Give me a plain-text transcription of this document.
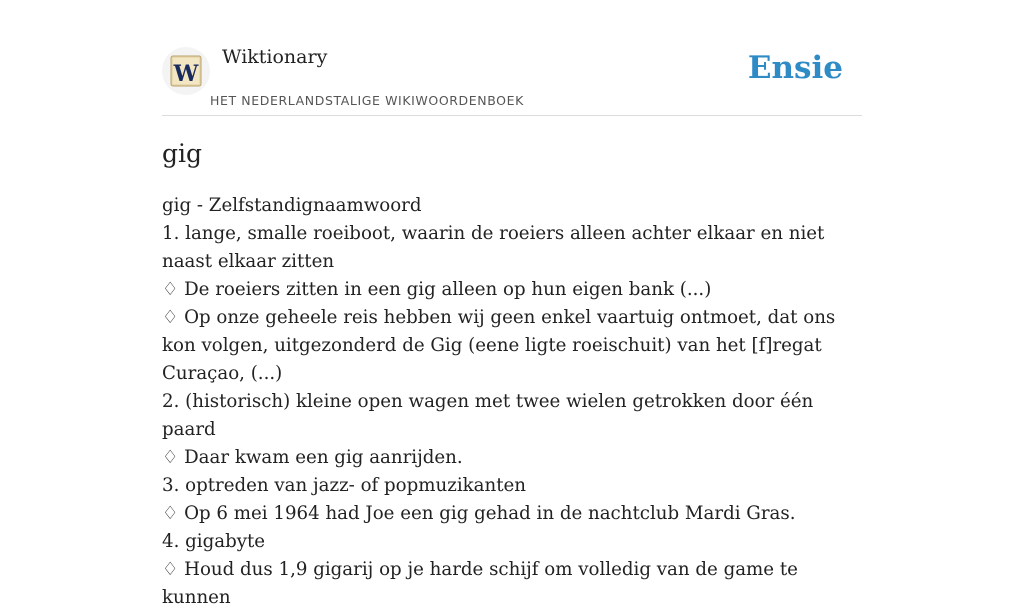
W
Wiktionary
HET NEDERLANDSTALIGE WIKIWOORDENBOEK
Ensie
gig
gig - Zelfstandignaamwoord
1. lange, smalle roeiboot, waarin de roeiers alleen achter elkaar en niet naast elkaar zitten
♢ De roeiers zitten in een gig alleen op hun eigen bank (...)
♢ Op onze geheele reis hebben wij geen enkel vaartuig ontmoet, dat ons kon volgen, uitgezonderd de Gig (eene ligte roeischuit) van het [f]regat Curaçao, (...)
2. (historisch) kleine open wagen met twee wielen getrokken door één paard
♢ Daar kwam een gig aanrijden.
3. optreden van jazz- of popmuzikanten
♢ Op 6 mei 1964 had Joe een gig gehad in de nachtclub Mardi Gras.
4. gigabyte
♢ Houd dus 1,9 gigarij op je harde schijf om volledig van de game te kunnen
